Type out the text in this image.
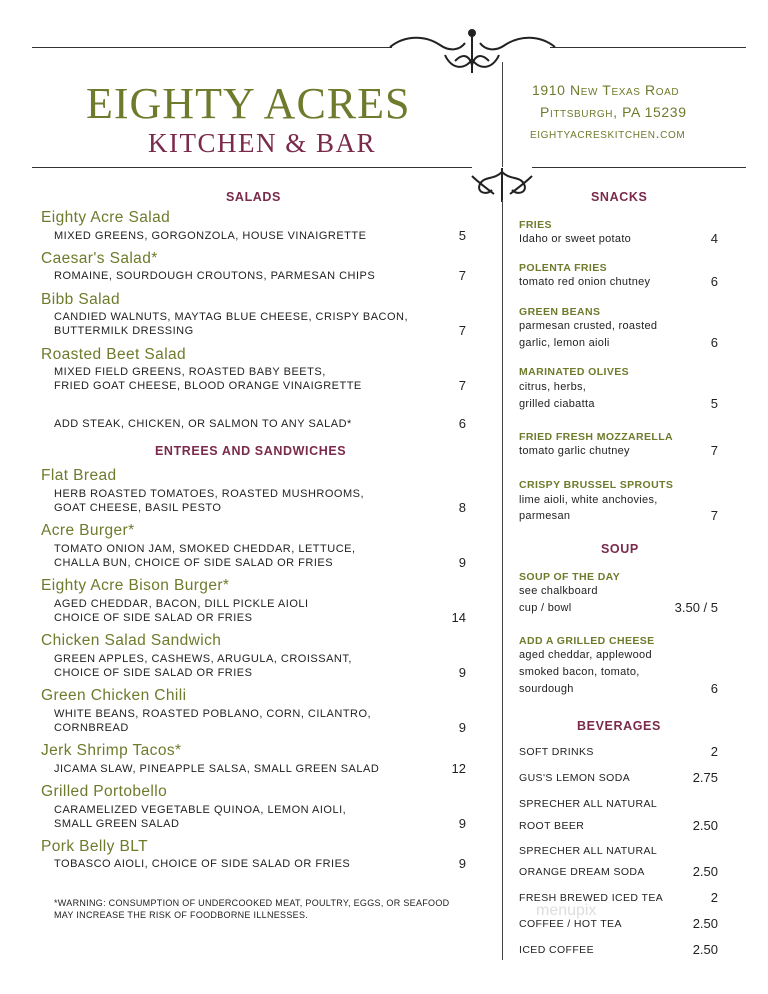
EIGHTY ACRES
KITCHEN & BAR
1910 New Texas Road
Pittsburgh, PA 15239
eightyacreskitchen.com
SALADS
Eighty Acre Salad
MIXED GREENS, GORGONZOLA, HOUSE VINAIGRETTE	5
Caesar's Salad*
ROMAINE, SOURDOUGH CROUTONS, PARMESAN CHIPS	7
Bibb Salad
CANDIED WALNUTS, MAYTAG BLUE CHEESE, CRISPY BACON,
BUTTERMILK DRESSING	7
Roasted Beet Salad
MIXED FIELD GREENS, ROASTED BABY BEETS,
FRIED GOAT CHEESE, BLOOD ORANGE VINAIGRETTE	7
ADD STEAK, CHICKEN, OR SALMON TO ANY SALAD*	6
ENTREES AND SANDWICHES
Flat Bread
HERB ROASTED TOMATOES, ROASTED MUSHROOMS,
GOAT CHEESE, BASIL PESTO	8
Acre Burger*
TOMATO ONION JAM, SMOKED CHEDDAR, LETTUCE,
CHALLA BUN, CHOICE OF SIDE SALAD OR FRIES	9
Eighty Acre Bison Burger*
AGED CHEDDAR, BACON, DILL PICKLE AIOLI
CHOICE OF SIDE SALAD OR FRIES	14
Chicken Salad Sandwich
GREEN APPLES, CASHEWS, ARUGULA, CROISSANT,
CHOICE OF SIDE SALAD OR FRIES	9
Green Chicken Chili
WHITE BEANS, ROASTED POBLANO, CORN, CILANTRO,
CORNBREAD	9
Jerk Shrimp Tacos*
JICAMA SLAW, PINEAPPLE SALSA, SMALL GREEN SALAD	12
Grilled Portobello
CARAMELIZED VEGETABLE QUINOA, LEMON AIOLI,
SMALL GREEN SALAD	9
Pork Belly BLT
TOBASCO AIOLI, CHOICE OF SIDE SALAD OR FRIES	9
*WARNING: CONSUMPTION OF UNDERCOOKED MEAT, POULTRY, EGGS, OR SEAFOOD
MAY INCREASE THE RISK OF FOODBORNE ILLNESSES.
SNACKS
FRIES
Idaho or sweet potato	4
POLENTA FRIES
tomato red onion chutney	6
GREEN BEANS
parmesan crusted, roasted
garlic, lemon aioli	6
MARINATED OLIVES
citrus, herbs,
grilled ciabatta	5
FRIED FRESH MOZZARELLA
tomato garlic chutney	7
CRISPY BRUSSEL SPROUTS
lime aioli, white anchovies,
parmesan	7
SOUP
SOUP OF THE DAY
see chalkboard
cup / bowl	3.50 / 5
ADD A GRILLED CHEESE
aged cheddar, applewood
smoked bacon, tomato,
sourdough	6
BEVERAGES
SOFT DRINKS	2
GUS'S LEMON SODA	2.75
SPRECHER ALL NATURAL
ROOT BEER	2.50
SPRECHER ALL NATURAL
ORANGE DREAM SODA	2.50
FRESH BREWED ICED TEA	2
COFFEE / HOT TEA	2.50
ICED COFFEE	2.50
menupix
